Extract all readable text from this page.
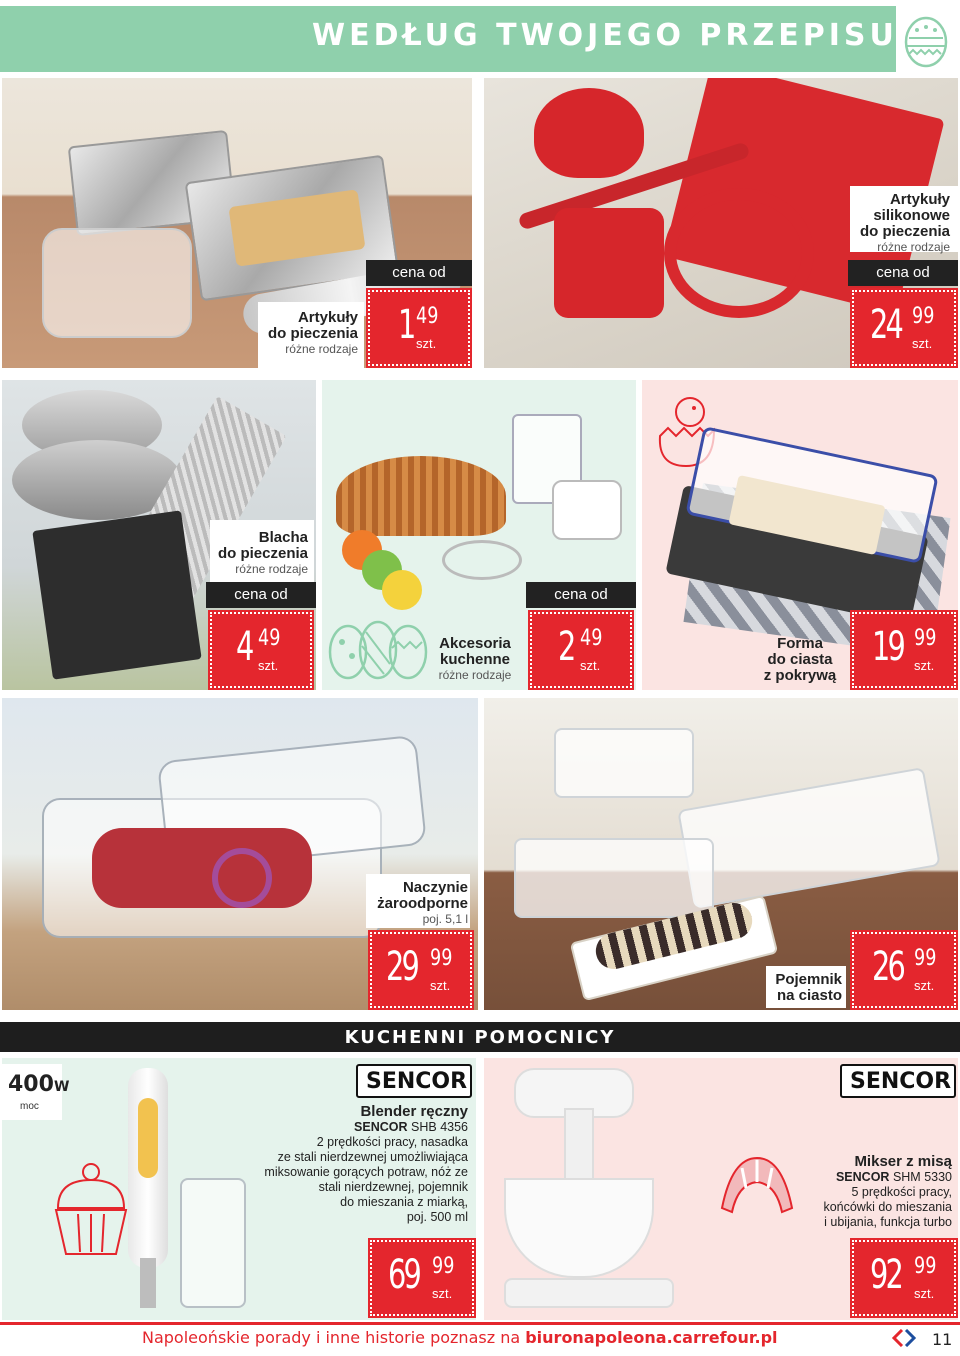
WEDŁUG TWOJEGO PRZEPISU
Artykuły
do pieczenia
różne rodzaje
cena od
1 49
szt.
Artykuły
silikonowe
do pieczenia
różne rodzaje
cena od
24 99
szt.
Blacha
do pieczenia
różne rodzaje
cena od
4 49
szt.
Akcesoria
kuchenne
różne rodzaje
cena od
2 49
szt.
Forma
do ciasta
z pokrywą
19 99
szt.
Naczynie
żaroodporne
poj. 5,1 l
29 99
szt.	Pojemnik
na ciasto
26 99
szt.
KUCHENNI POMOCNICY
400W
moc
SENCOR
Blender ręczny
SENCOR SHB 4356
2 prędkości pracy, nasadka
ze stali nierdzewnej umożliwiająca
miksowanie gorących potraw, nóż ze
stali nierdzewnej, pojemnik
do mieszania z miarką,
poj. 500 ml
69 99
szt.
SENCOR
Mikser z misą
SENCOR SHM 5330
5 prędkości pracy,
końcówki do mieszania
i ubijania, funkcja turbo
92 99
szt.
Napoleońskie porady i inne historie poznasz na biuronapoleona.carrefour.pl	11
